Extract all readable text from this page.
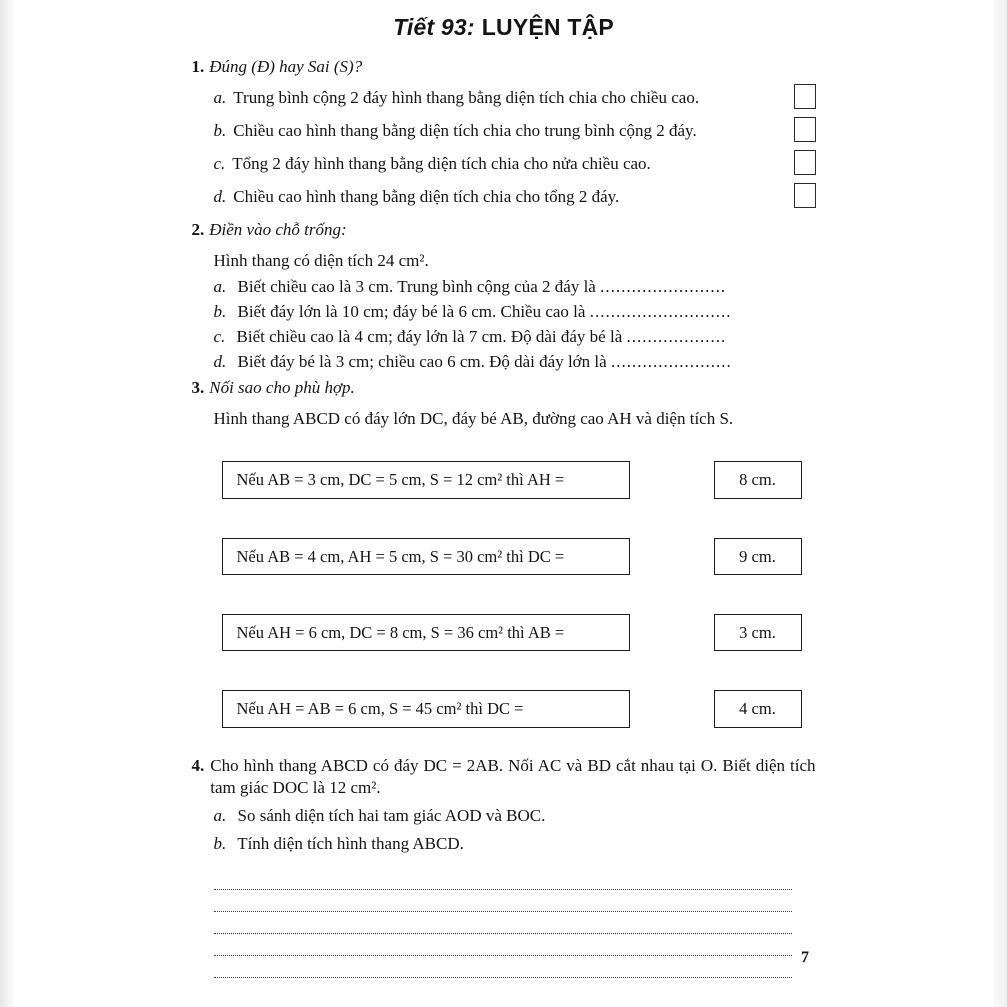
Tiết 93: LUYỆN TẬP
1. Đúng (Đ) hay Sai (S)?
a. Trung bình cộng 2 đáy hình thang bằng diện tích chia cho chiều cao.
b. Chiều cao hình thang bằng diện tích chia cho trung bình cộng 2 đáy.
c. Tổng 2 đáy hình thang bằng diện tích chia cho nửa chiều cao.
d. Chiều cao hình thang bằng diện tích chia cho tổng 2 đáy.
2. Điền vào chỗ trống:
Hình thang có diện tích 24 cm².
a. Biết chiều cao là 3 cm. Trung bình cộng của 2 đáy là ........................
b. Biết đáy lớn là 10 cm; đáy bé là 6 cm. Chiều cao là ...........................
c. Biết chiều cao là 4 cm; đáy lớn là 7 cm. Độ dài đáy bé là ...................
d. Biết đáy bé là 3 cm; chiều cao 6 cm. Độ dài đáy lớn là .......................
3. Nối sao cho phù hợp.
Hình thang ABCD có đáy lớn DC, đáy bé AB, đường cao AH và diện tích S.
Nếu AB = 3 cm, DC = 5 cm, S = 12 cm² thì AH =	8 cm.
Nếu AB = 4 cm, AH = 5 cm, S = 30 cm² thì DC =	9 cm.
Nếu AH = 6 cm, DC = 8 cm, S = 36 cm² thì AB =	3 cm.
Nếu AH = AB = 6 cm, S = 45 cm² thì DC =	4 cm.
4. Cho hình thang ABCD có đáy DC = 2AB. Nối AC và BD cắt nhau tại O. Biết diện tích tam giác DOC là 12 cm².
a. So sánh diện tích hai tam giác AOD và BOC.
b. Tính diện tích hình thang ABCD.
7
